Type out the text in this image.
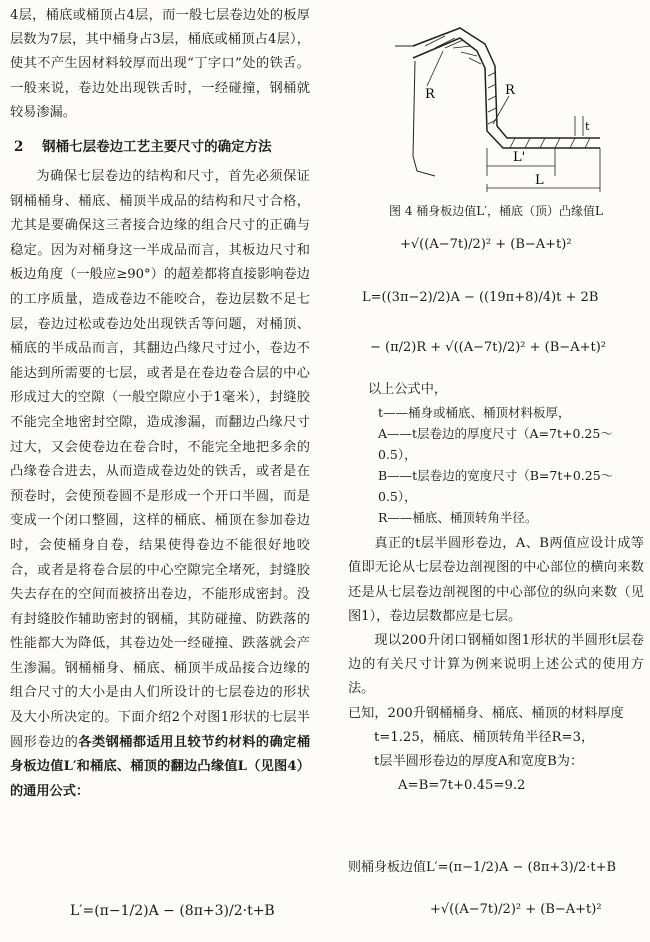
4层，桶底或桶顶占4层，而一般七层卷边处的板厚层数为7层，其中桶身占3层，桶底或桶顶占4层），使其不产生因材料较厚而出现“丁字口”处的铁舌。一般来说，卷边处出现铁舌时，一经碰撞，钢桶就较易渗漏。

2 钢桶七层卷边工艺主要尺寸的确定方法

为确保七层卷边的结构和尺寸，首先必须保证钢桶桶身、桶底、桶顶半成品的结构和尺寸合格，尤其是要确保这三者接合边缘的组合尺寸的正确与稳定。因为对桶身这一半成品而言，其板边尺寸和板边角度（一般应≥90°）的超差都将直接影响卷边的工序质量，造成卷边不能咬合，卷边层数不足七层，卷边过松或卷边处出现铁舌等问题，对桶顶、桶底的半成品而言，其翻边凸缘尺寸过小，卷边不能达到所需要的七层，或者是在卷边卷合层的中心形成过大的空隙（一般空隙应小于1毫米），封缝胶不能完全地密封空隙，造成渗漏，而翻边凸缘尺寸过大，又会使卷边在卷合时，不能完全地把多余的凸缘卷合进去，从而造成卷边处的铁舌，或者是在预卷时，会使预卷圆不是形成一个开口半圆，而是变成一个闭口整圆，这样的桶底、桶顶在参加卷边时，会使桶身自卷，结果使得卷边不能很好地咬合，或者是将卷合层的中心空隙完全堵死，封缝胶失去存在的空间而被挤出卷边，不能形成密封。没有封缝胶作辅助密封的钢桶，其防碰撞、防跌落的性能都大为降低，其卷边处一经碰撞、跌落就会产生渗漏。钢桶桶身、桶底、桶顶半成品接合边缘的组合尺寸的大小是由人们所设计的七层卷边的形状及大小所决定的。下面介绍2个对图1形状的七层半圆形卷边的各类钢桶都适用且较节约材料的确定桶身板边值L′和桶底、桶顶的翻边凸缘值L（见图4）的通用公式：

L′=(π−1/2)A − (8π+3)/2·t+B
R	R
L'
L
t

图 4 桶身板边值L′，桶底（顶）凸缘值L

+√((A−7t)/2)² + (B−A+t)²
L=((3π−2)/2)A − ((19π+8)/4)t + 2B
− (π/2)R + √((A−7t)/2)² + (B−A+t)²

以上公式中，

t——桶身或桶底、桶顶材料板厚，

A——t层卷边的厚度尺寸（A=7t+0.25～0.5），

B——t层卷边的宽度尺寸（B=7t+0.25～0.5），

R——桶底、桶顶转角半径。

真正的t层半圆形卷边，A、B两值应设计成等值即无论从七层卷边剖视图的中心部位的横向来数还是从七层卷边剖视图的中心部位的纵向来数（见图1），卷边层数都应是七层。

现以200升闭口钢桶如图1形状的半圆形t层卷边的有关尺寸计算为例来说明上述公式的使用方法。

已知，200升钢桶桶身、桶底、桶顶的材料厚度

t=1.25，桶底、桶顶转角半径R=3，

t层半圆形卷边的厚度A和宽度B为：

A=B=7t+0.45=9.2

则桶身板边值L′=(π−1/2)A − (8π+3)/2·t+B
+√((A−7t)/2)² + (B−A+t)²
